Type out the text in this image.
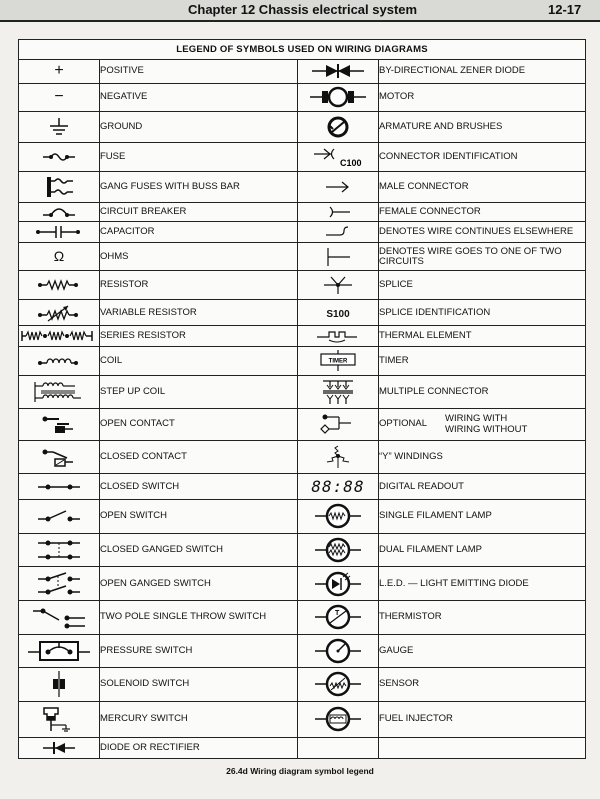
Chapter 12 Chassis electrical system	12-17
LEGEND OF SYMBOLS USED ON WIRING DIAGRAMS			
+	POSITIVE		BY-DIRECTIONAL ZENER DIODE
−	NEGATIVE		MOTOR

	GROUND		ARMATURE AND BRUSHES

	FUSE	C100	CONNECTOR IDENTIFICATION

	GANG FUSES WITH BUSS BAR		MALE CONNECTOR

	CIRCUIT BREAKER		FEMALE CONNECTOR

	CAPACITOR		DENOTES WIRE CONTINUES ELSEWHERE
Ω	OHMS		DENOTES WIRE GOES TO ONE OF TWO CIRCUITS

	RESISTOR		SPLICE

	VARIABLE RESISTOR	S100	SPLICE IDENTIFICATION

	SERIES RESISTOR		THERMAL ELEMENT

	COIL	TIMER	TIMER

	STEP UP COIL		MULTIPLE CONNECTOR

	OPEN CONTACT		OPTIONAL WIRING WITH
WIRING WITHOUT

	CLOSED CONTACT		“Y” WINDINGS

	CLOSED SWITCH	88:88	DIGITAL READOUT

	OPEN SWITCH		SINGLE FILAMENT LAMP

	CLOSED GANGED SWITCH		DUAL FILAMENT LAMP

	OPEN GANGED SWITCH		L.E.D. — LIGHT EMITTING DIODE

	TWO POLE SINGLE THROW SWITCH	T	THERMISTOR

	PRESSURE SWITCH		GAUGE

	SOLENOID SWITCH		SENSOR

	MERCURY SWITCH		FUEL INJECTOR

	DIODE OR RECTIFIER		
26.4d Wiring diagram symbol legend
